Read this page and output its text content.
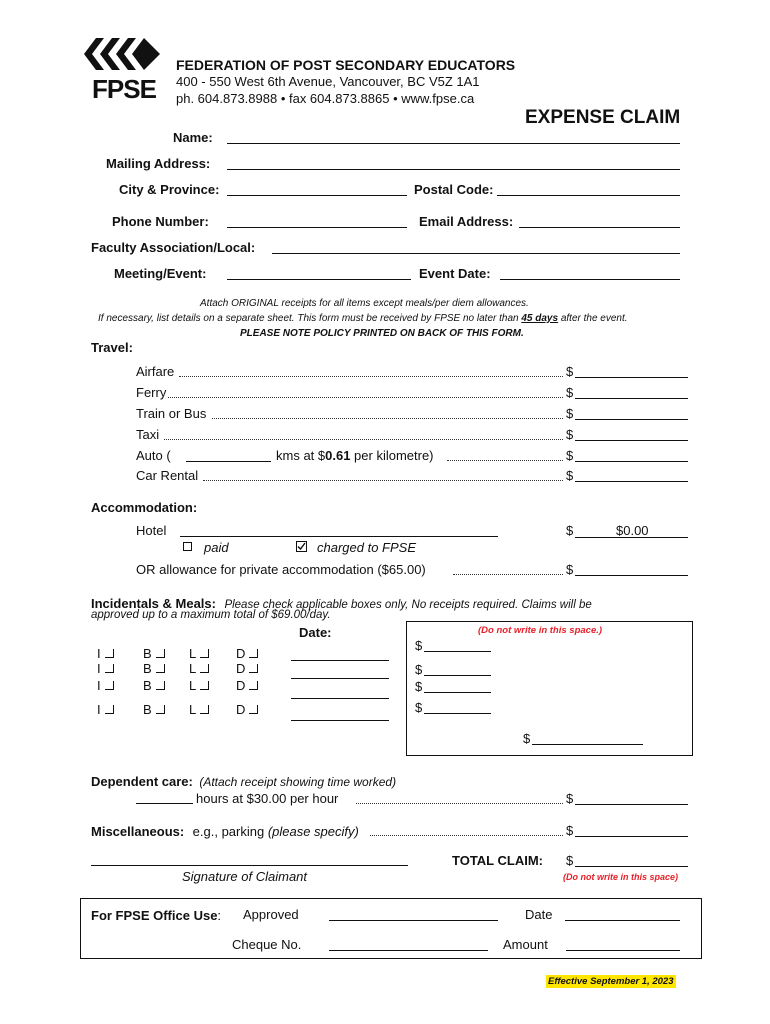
FPSE
FEDERATION OF POST SECONDARY EDUCATORS
400 - 550 West 6th Avenue, Vancouver, BC V5Z 1A1
ph. 604.873.8988 • fax 604.873.8865 • www.fpse.ca
EXPENSE CLAIM
Name:
Mailing Address:
City & Province:	Postal Code:
Phone Number:	Email Address:
Faculty Association/Local:
Meeting/Event:	Event Date:
Attach ORIGINAL receipts for all items except meals/per diem allowances.
If necessary, list details on a separate sheet. This form must be received by FPSE no later than 45 days after the event.
PLEASE NOTE POLICY PRINTED ON BACK OF THIS FORM.
Travel:
Airfare	$
Ferry	$
Train or Bus	$
Taxi	$
Auto (	kms at $0.61 per kilometre)	$
Car Rental	$
Accommodation:
Hotel	$	$0.00
paid	charged to FPSE
OR allowance for private accommodation ($65.00)	$
Incidentals & Meals: Please check applicable boxes only, No receipts required. Claims will be
approved up to a maximum total of $69.00/day.
Date:
I	B	L	D
I	B	L	D
I	B	L	D
I	B	L	D
(Do not write in this space.)
$
$
$
$
$
Dependent care: (Attach receipt showing time worked)
hours at $30.00 per hour	$
Miscellaneous: e.g., parking (please specify)	$
Signature of Claimant
TOTAL CLAIM: $
(Do not write in this space)
For FPSE Office Use: Approved	Date
Cheque No.	Amount
Effective September 1, 2023
